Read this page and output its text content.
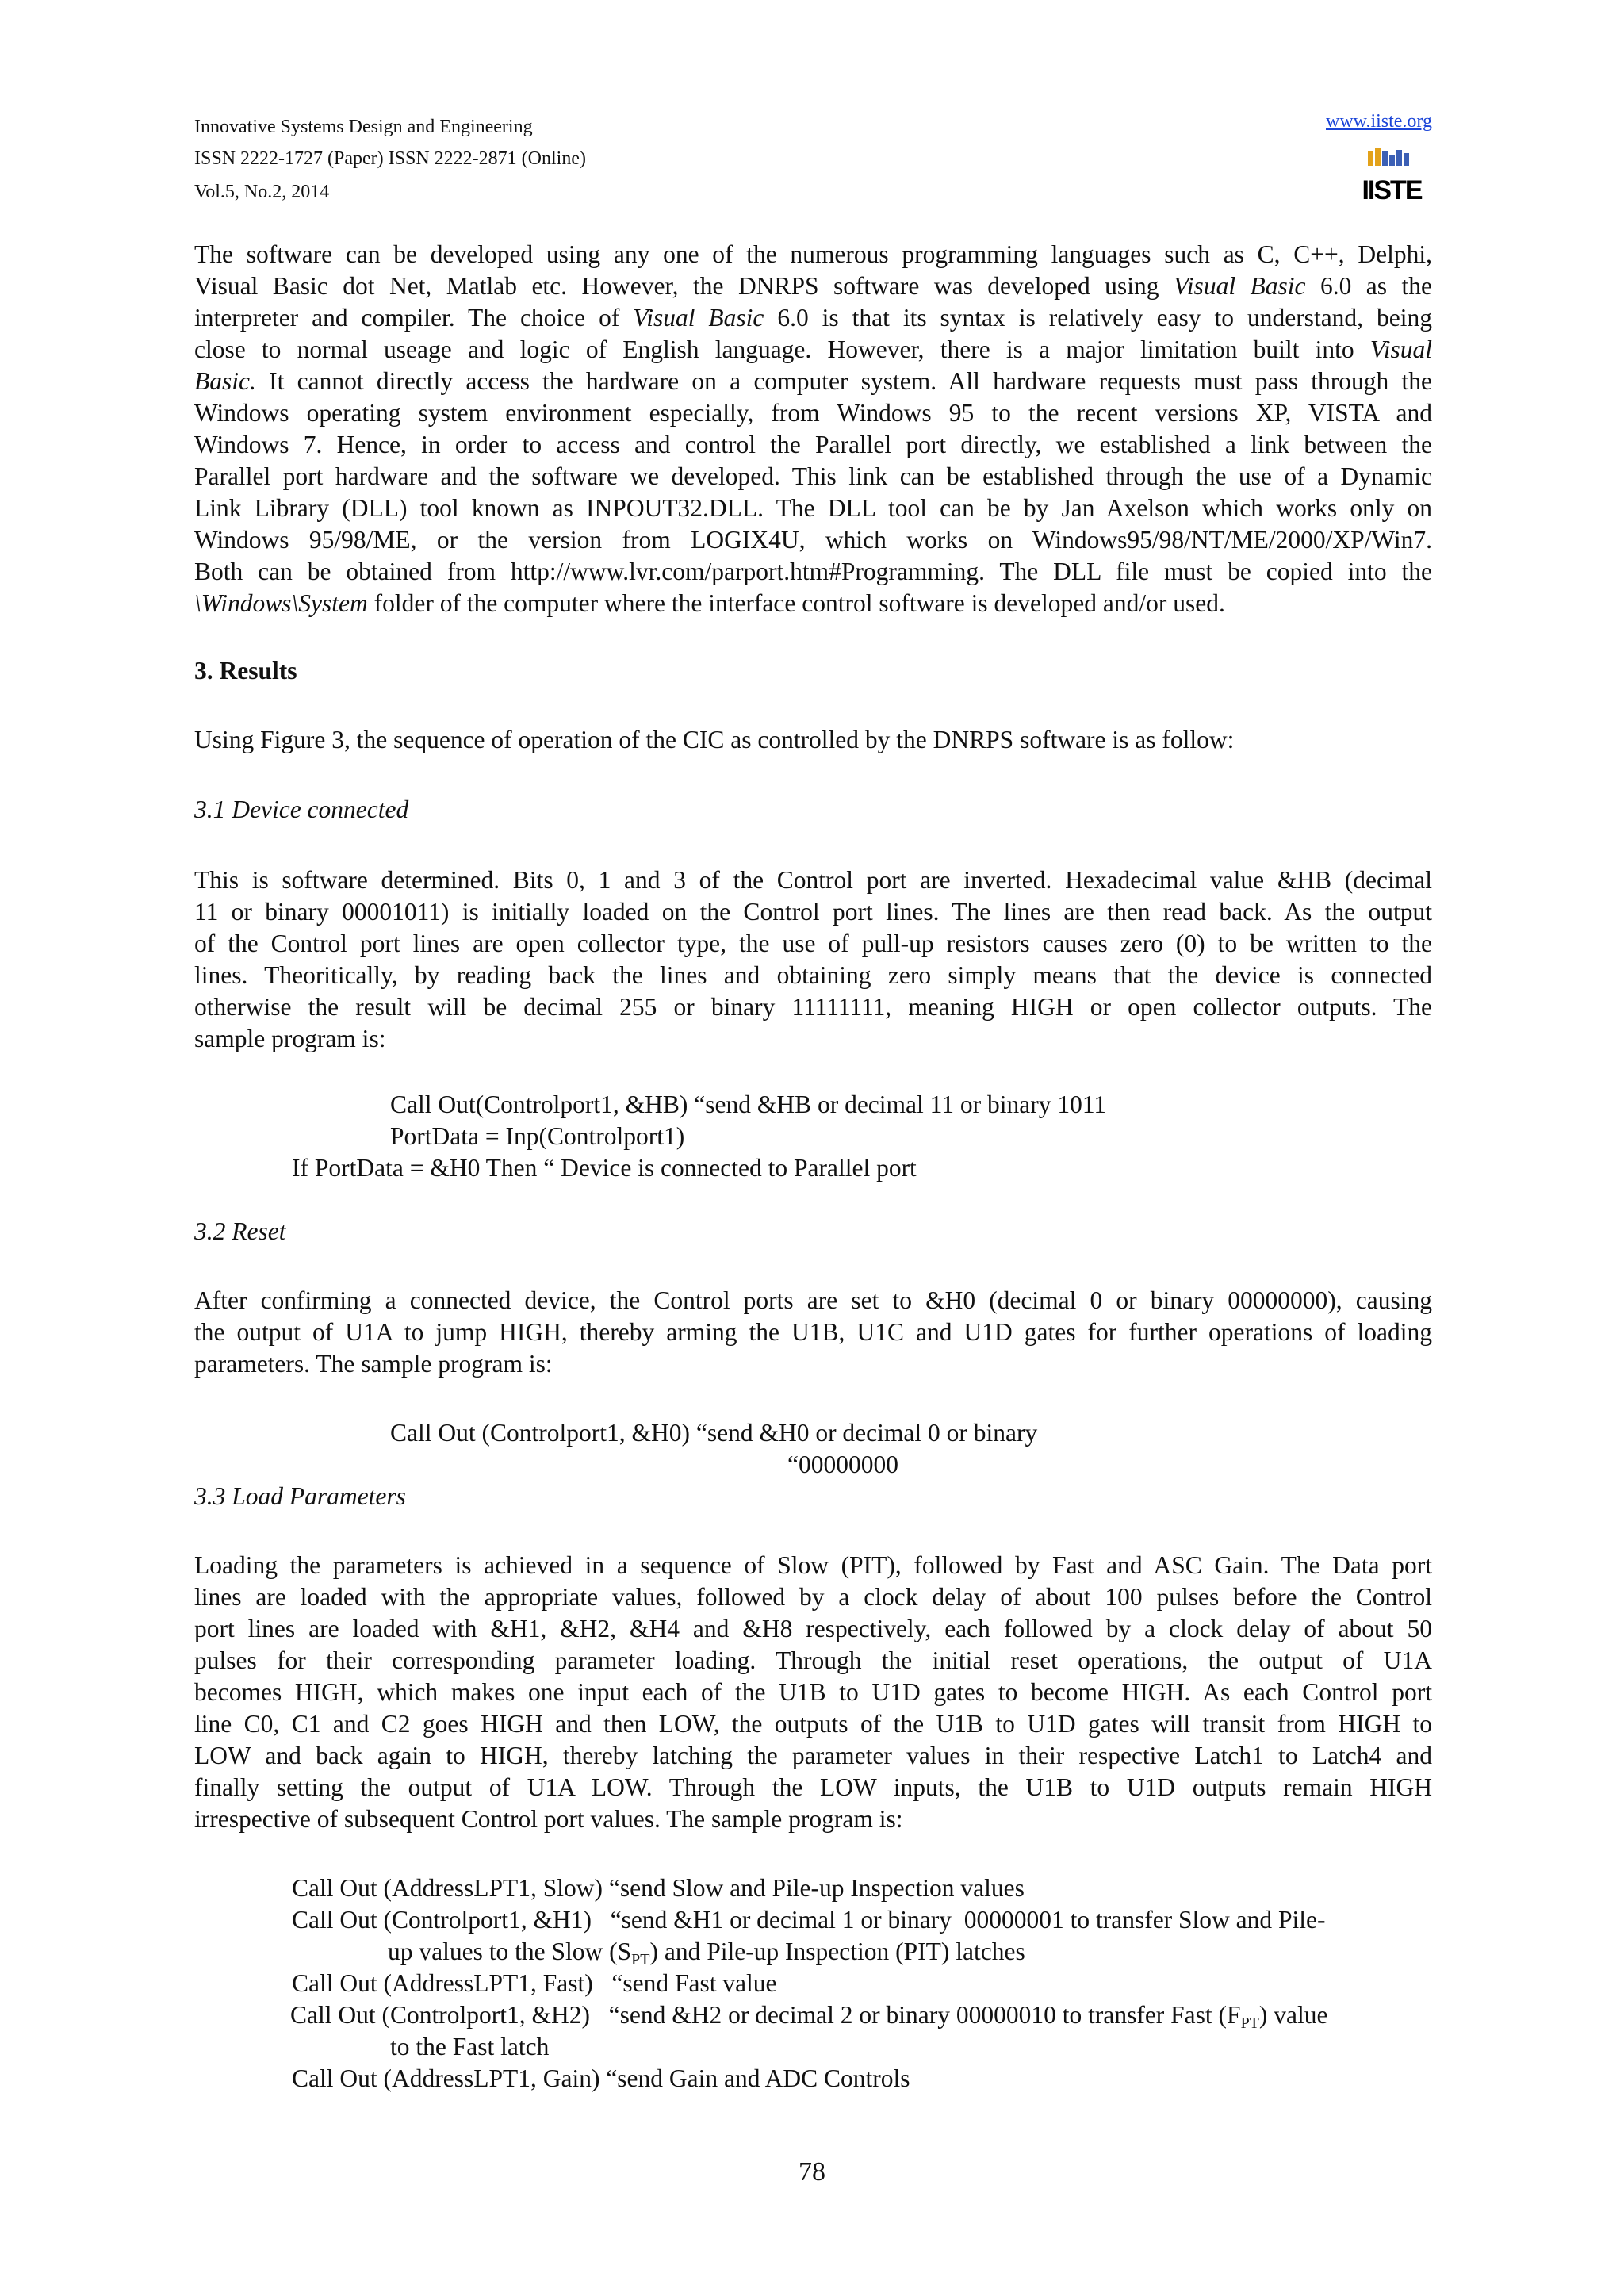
Innovative Systems Design and Engineering
ISSN 2222-1727 (Paper) ISSN 2222-2871 (Online)
Vol.5, No.2, 2014
www.iiste.org
IISTE
The software can be developed using any one of the numerous programming languages such as C, C++, Delphi,
Visual Basic dot Net, Matlab etc. However, the DNRPS software was developed using Visual Basic 6.0 as the
interpreter and compiler. The choice of Visual Basic 6.0 is that its syntax is relatively easy to understand, being
close to normal useage and logic of English language. However, there is a major limitation built into Visual
Basic. It cannot directly access the hardware on a computer system. All hardware requests must pass through the
Windows operating system environment especially, from Windows 95 to the recent versions XP, VISTA and
Windows 7. Hence, in order to access and control the Parallel port directly, we established a link between the
Parallel port hardware and the software we developed. This link can be established through the use of a Dynamic
Link Library (DLL) tool known as INPOUT32.DLL. The DLL tool can be by Jan Axelson which works only on
Windows 95/98/ME, or the version from LOGIX4U, which works on Windows95/98/NT/ME/2000/XP/Win7.
Both can be obtained from http://www.lvr.com/parport.htm#Programming. The DLL file must be copied into the
\Windows\System folder of the computer where the interface control software is developed and/or used.
3. Results
Using Figure 3, the sequence of operation of the CIC as controlled by the DNRPS software is as follow:
3.1 Device connected
This is software determined. Bits 0, 1 and 3 of the Control port are inverted. Hexadecimal value &HB (decimal
11 or binary 00001011) is initially loaded on the Control port lines. The lines are then read back. As the output
of the Control port lines are open collector type, the use of pull-up resistors causes zero (0) to be written to the
lines. Theoritically, by reading back the lines and obtaining zero simply means that the device is connected
otherwise the result will be decimal 255 or binary 11111111, meaning HIGH or open collector outputs. The
sample program is:
Call Out(Controlport1, &HB) “send &HB or decimal 11 or binary 1011
PortData = Inp(Controlport1)
If PortData = &H0 Then “ Device is connected to Parallel port
3.2 Reset
After confirming a connected device, the Control ports are set to &H0 (decimal 0 or binary 00000000), causing
the output of U1A to jump HIGH, thereby arming the U1B, U1C and U1D gates for further operations of loading
parameters. The sample program is:
Call Out (Controlport1, &H0) “send &H0 or decimal 0 or binary
“00000000
3.3 Load Parameters
Loading the parameters is achieved in a sequence of Slow (PIT), followed by Fast and ASC Gain. The Data port
lines are loaded with the appropriate values, followed by a clock delay of about 100 pulses before the Control
port lines are loaded with &H1, &H2, &H4 and &H8 respectively, each followed by a clock delay of about 50
pulses for their corresponding parameter loading. Through the initial reset operations, the output of U1A
becomes HIGH, which makes one input each of the U1B to U1D gates to become HIGH. As each Control port
line C0, C1 and C2 goes HIGH and then LOW, the outputs of the U1B to U1D gates will transit from HIGH to
LOW and back again to HIGH, thereby latching the parameter values in their respective Latch1 to Latch4 and
finally setting the output of U1A LOW. Through the LOW inputs, the U1B to U1D outputs remain HIGH
irrespective of subsequent Control port values. The sample program is:
Call Out (AddressLPT1, Slow) “send Slow and Pile-up Inspection values
Call Out (Controlport1, &H1)   “send &H1 or decimal 1 or binary  00000001 to transfer Slow and Pile-
up values to the Slow $(S_{PT})$ and Pile-up Inspection (PIT) latches
Call Out (AddressLPT1, Fast)   “send Fast value
Call Out (Controlport1, &H2)   “send &H2 or decimal 2 or binary 00000010 to transfer Fast $(F_{PT})$ value
to the Fast latch
Call Out (AddressLPT1, Gain) “send Gain and ADC Controls
78
